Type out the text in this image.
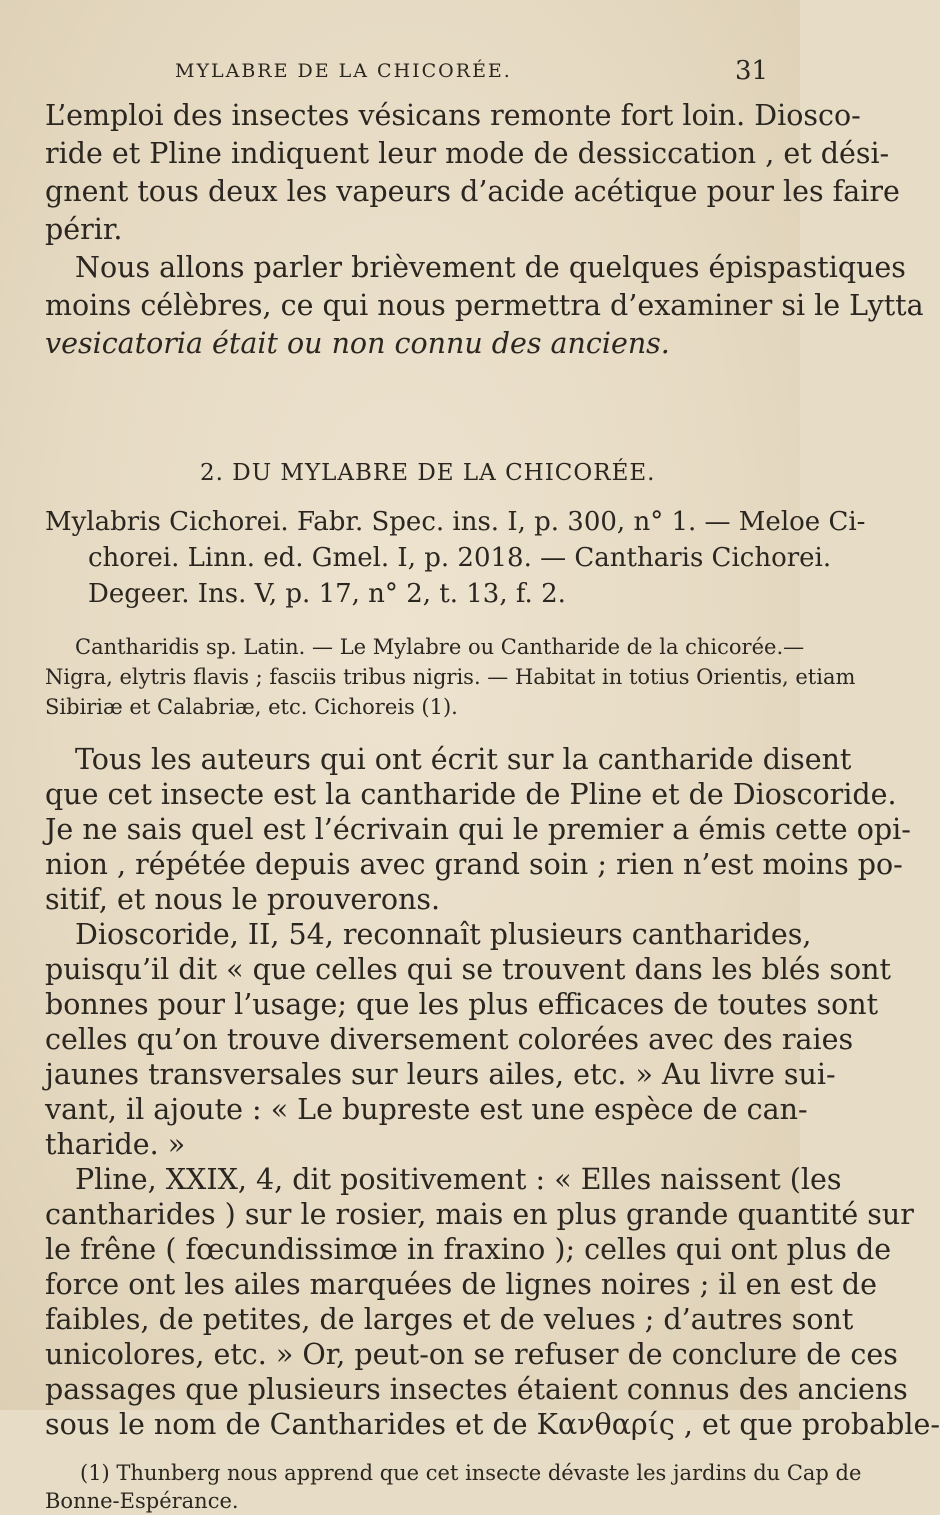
MYLABRE DE LA CHICORÉE.	31
L’emploi des insectes vésicans remonte fort loin. Diosco-
ride et Pline indiquent leur mode de dessiccation , et dési-
gnent tous deux les vapeurs d’acide acétique pour les faire
périr.
Nous allons parler brièvement de quelques épispastiques
moins célèbres, ce qui nous permettra d’examiner si le Lytta
vesicatoria était ou non connu des anciens.
2. DU MYLABRE DE LA CHICORÉE.
Mylabris Cichorei. Fabr. Spec. ins. I, p. 300, n° 1. — Meloe Ci-
chorei. Linn. ed. Gmel. I, p. 2018. — Cantharis Cichorei.
Degeer. Ins. V, p. 17, n° 2, t. 13, f. 2.
Cantharidis sp. Latin. — Le Mylabre ou Cantharide de la chicorée.—
Nigra, elytris flavis ; fasciis tribus nigris. — Habitat in totius Orientis, etiam
Sibiriæ et Calabriæ, etc. Cichoreis (1).
Tous les auteurs qui ont écrit sur la cantharide disent
que cet insecte est la cantharide de Pline et de Dioscoride.
Je ne sais quel est l’écrivain qui le premier a émis cette opi-
nion , répétée depuis avec grand soin ; rien n’est moins po-
sitif, et nous le prouverons.
Dioscoride, II, 54, reconnaît plusieurs cantharides,
puisqu’il dit « que celles qui se trouvent dans les blés sont
bonnes pour l’usage; que les plus efficaces de toutes sont
celles qu’on trouve diversement colorées avec des raies
jaunes transversales sur leurs ailes, etc. » Au livre sui-
vant, il ajoute : « Le bupreste est une espèce de can-
tharide. »
Pline, XXIX, 4, dit positivement : « Elles naissent (les
cantharides ) sur le rosier, mais en plus grande quantité sur
le frêne ( fœcundissimœ in fraxino ); celles qui ont plus de
force ont les ailes marquées de lignes noires ; il en est de
faibles, de petites, de larges et de velues ; d’autres sont
unicolores, etc. » Or, peut-on se refuser de conclure de ces
passages que plusieurs insectes étaient connus des anciens
sous le nom de Cantharides et de Κανθαρίς , et que probable-
(1) Thunberg nous apprend que cet insecte dévaste les jardins du Cap de
Bonne-Espérance.
